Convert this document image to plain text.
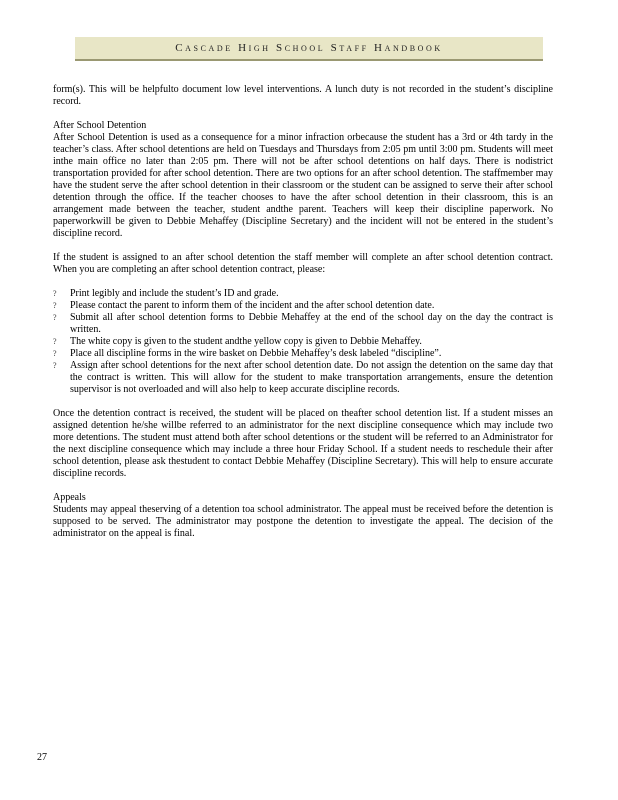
Cascade High School Staff Handbook

form(s). This will be helpfulto document low level interventions. A lunch duty is not recorded in the student’s discipline record.

After School Detention

After School Detention is used as a consequence for a minor infraction orbecause the student has a 3rd or 4th tardy in the teacher’s class. After school detentions are held on Tuesdays and Thursdays from 2:05 pm until 3:00 pm. Students will meet inthe main office no later than 2:05 pm. There will not be after school detentions on half days. There is nodistrict transportation provided for after school detention. There are two options for an after school detention. The staffmember may have the student serve the after school detention in their classroom or the student can be assigned to serve their after school detention through the office. If the teacher chooses to have the after school detention in their classroom, this is an arrangement made between the teacher, student andthe parent. Teachers will keep their discipline paperwork. No paperworkwill be given to Debbie Mehaffey (Discipline Secretary) and the incident will not be entered in the student’s discipline record.

If the student is assigned to an after school detention the staff member will complete an after school detention contract. When you are completing an after school detention contract, please:

? Print legibly and include the student’s ID and grade.
? Please contact the parent to inform them of the incident and the after school detention date.
? Submit all after school detention forms to Debbie Mehaffey at the end of the school day on the day the contract is written.
? The white copy is given to the student andthe yellow copy is given to Debbie Mehaffey.
? Place all discipline forms in the wire basket on Debbie Mehaffey’s desk labeled “discipline”.
? Assign after school detentions for the next after school detention date. Do not assign the detention on the same day that the contract is written. This will allow for the student to make transportation arrangements, ensure the detention supervisor is not overloaded and will also help to keep accurate discipline records.

Once the detention contract is received, the student will be placed on theafter school detention list. If a student misses an assigned detention he/she willbe referred to an administrator for the next discipline consequence which may include two more detentions. The student must attend both after school detentions or the student will be referred to an Administrator for the next discipline consequence which may include a three hour Friday School. If a student needs to reschedule their after school detention, please ask thestudent to contact Debbie Mehaffey (Discipline Secretary). This will help to ensure accurate discipline records.

Appeals

Students may appeal theserving of a detention toa school administrator. The appeal must be received before the detention is supposed to be served. The administrator may postpone the detention to investigate the appeal. The decision of the administrator on the appeal is final.

27
